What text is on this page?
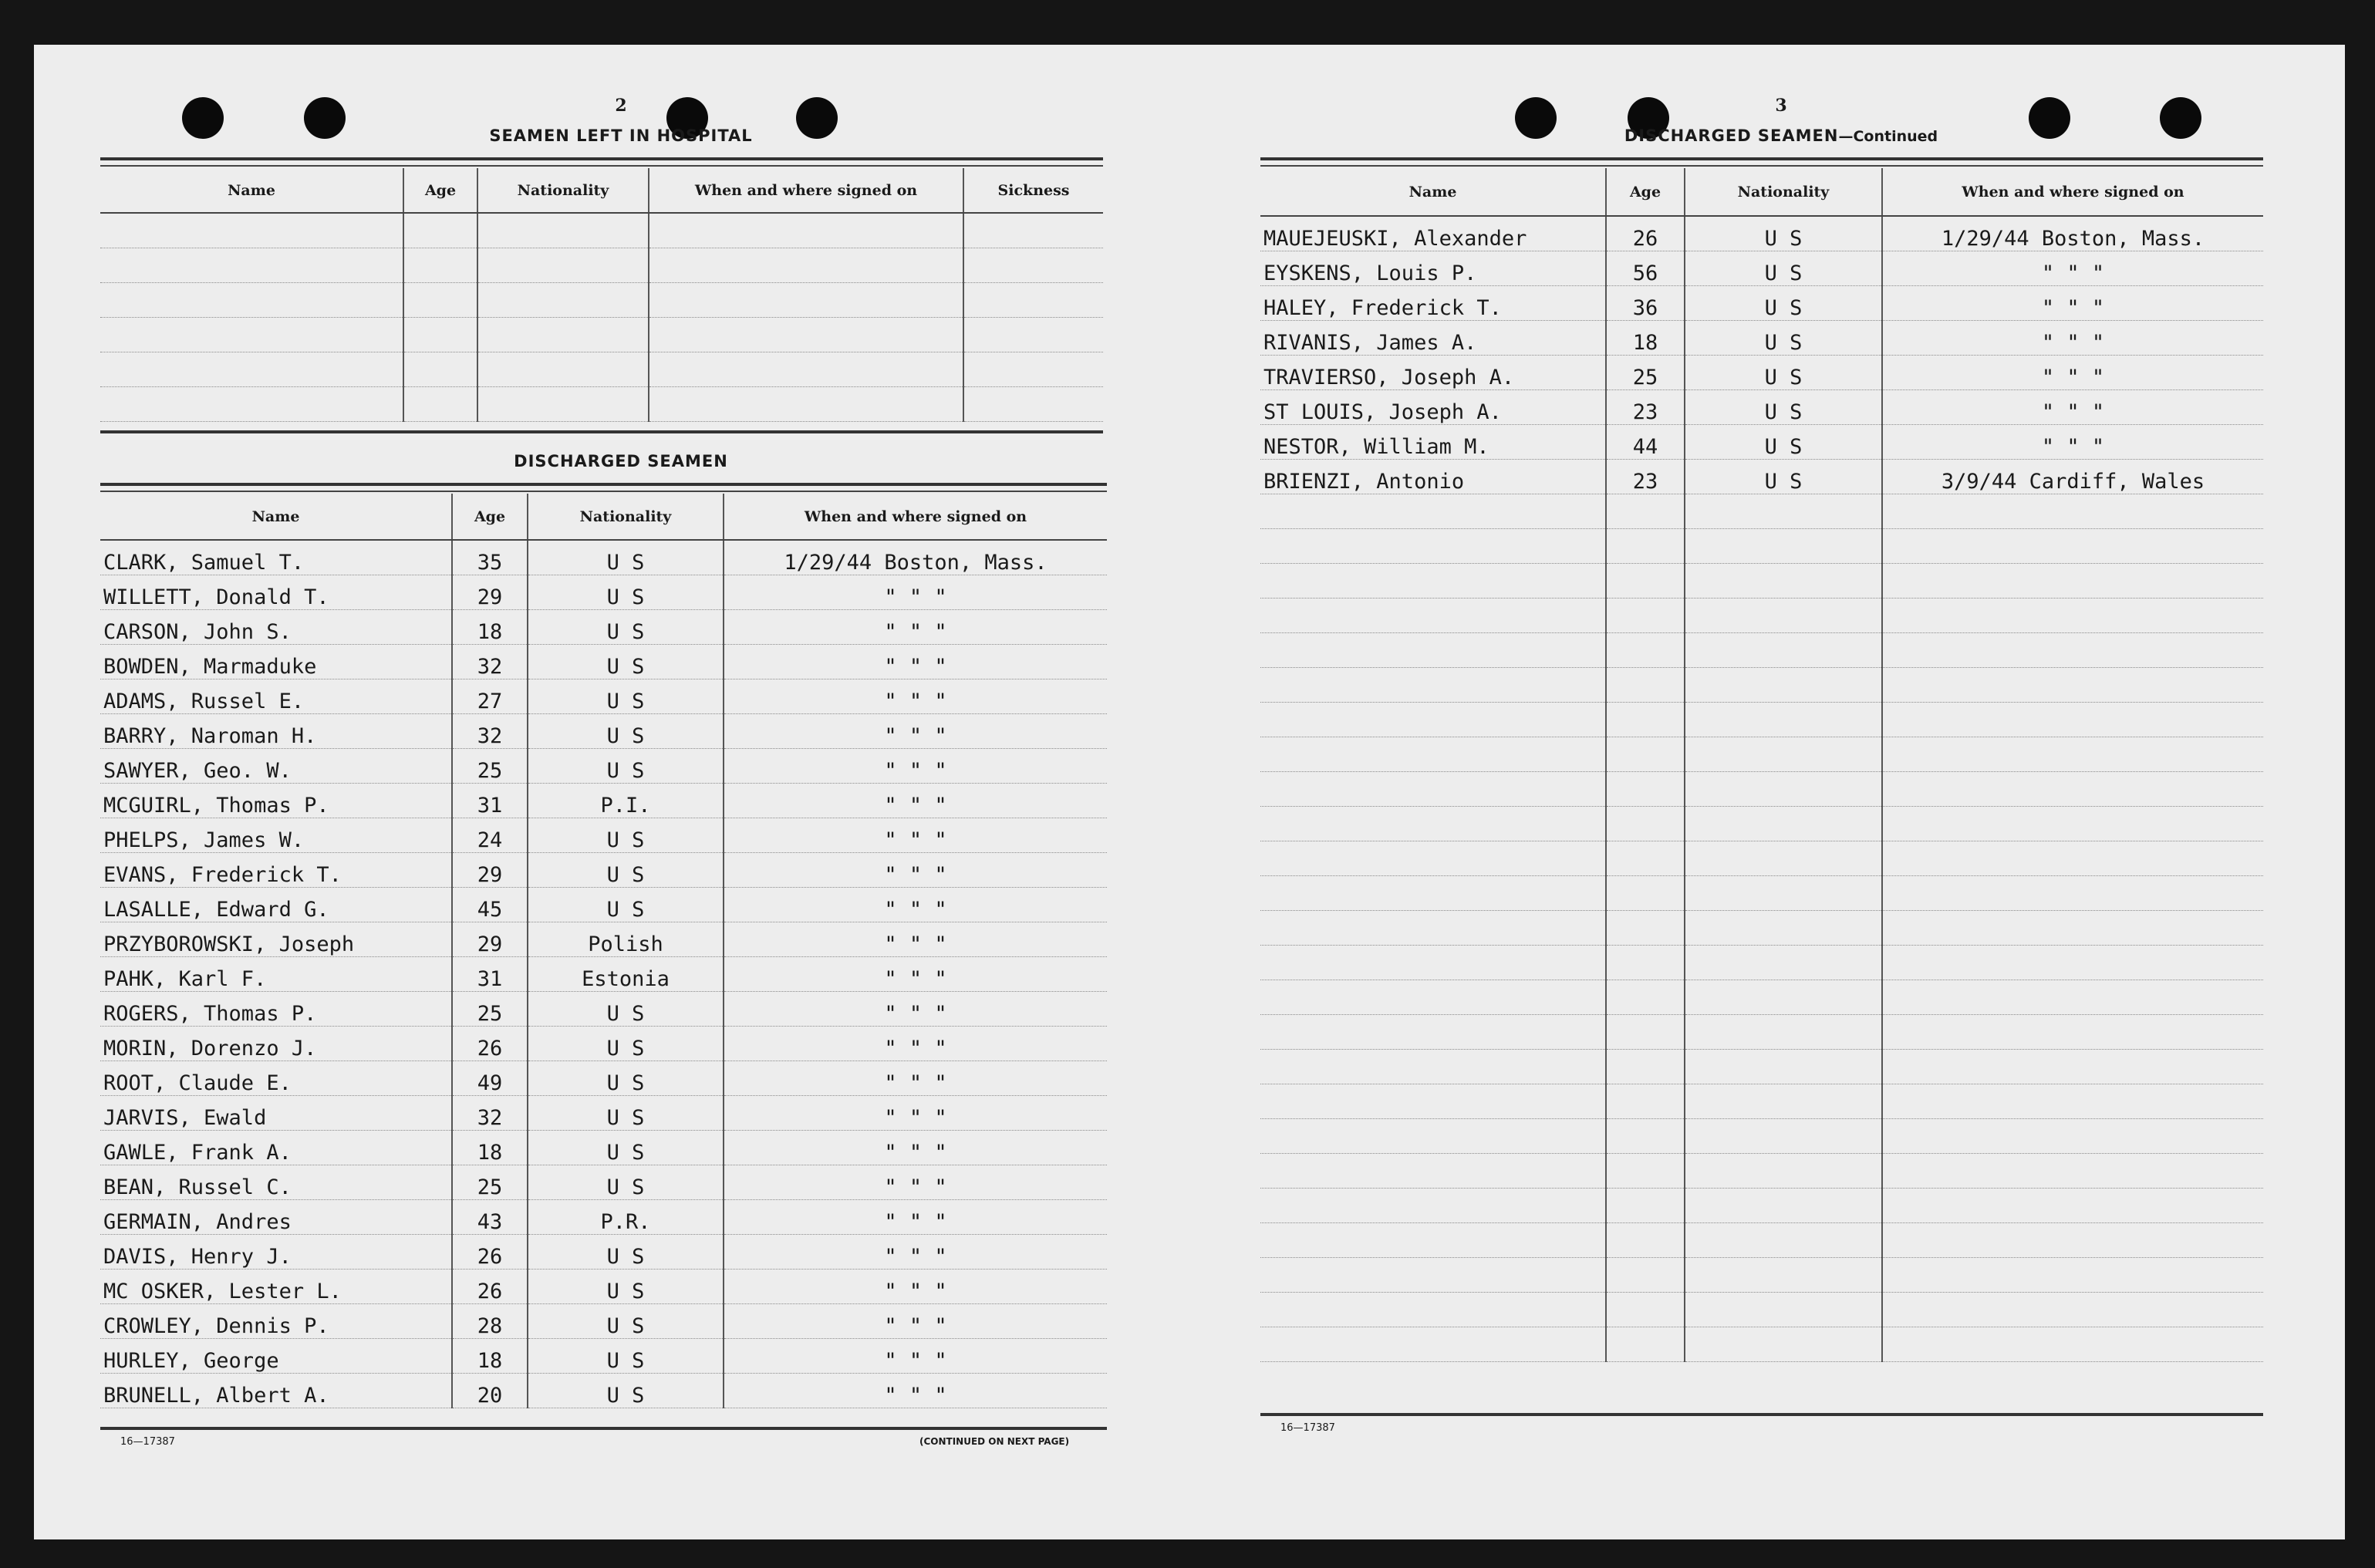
2
SEAMEN LEFT IN HOSPITAL
Name	Age	Nationality	When and where signed on	Sickness

DISCHARGED SEAMEN
Name	Age	Nationality	When and where signed on
CLARK, Samuel T.	35	U S	1/29/44 Boston, Mass.
WILLETT, Donald T.	29	U S	" " "
CARSON, John S.	18	U S	" " "
BOWDEN, Marmaduke	32	U S	" " "
ADAMS, Russel E.	27	U S	" " "
BARRY, Naroman H.	32	U S	" " "
SAWYER, Geo. W.	25	U S	" " "
MCGUIRL, Thomas P.	31	P.I.	" " "
PHELPS, James W.	24	U S	" " "
EVANS, Frederick T.	29	U S	" " "
LASALLE, Edward G.	45	U S	" " "
PRZYBOROWSKI, Joseph	29	Polish	" " "
PAHK, Karl F.	31	Estonia	" " "
ROGERS, Thomas P.	25	U S	" " "
MORIN, Dorenzo J.	26	U S	" " "
ROOT, Claude E.	49	U S	" " "
JARVIS, Ewald	32	U S	" " "
GAWLE, Frank A.	18	U S	" " "
BEAN, Russel C.	25	U S	" " "
GERMAIN, Andres	43	P.R.	" " "
DAVIS, Henry J.	26	U S	" " "
MC OSKER, Lester L.	26	U S	" " "
CROWLEY, Dennis P.	28	U S	" " "
HURLEY, George	18	U S	" " "
BRUNELL, Albert A.	20	U S	" " "
16—17387	(CONTINUED ON NEXT PAGE)
3
DISCHARGED SEAMEN—Continued
Name	Age	Nationality	When and where signed on
MAUEJEUSKI, Alexander	26	U S	1/29/44 Boston, Mass.
EYSKENS, Louis P.	56	U S	" " "
HALEY, Frederick T.	36	U S	" " "
RIVANIS, James A.	18	U S	" " "
TRAVIERSO, Joseph A.	25	U S	" " "
ST LOUIS, Joseph A.	23	U S	" " "
NESTOR, William M.	44	U S	" " "
BRIENZI, Antonio	23	U S	3/9/44 Cardiff, Wales

16—17387
